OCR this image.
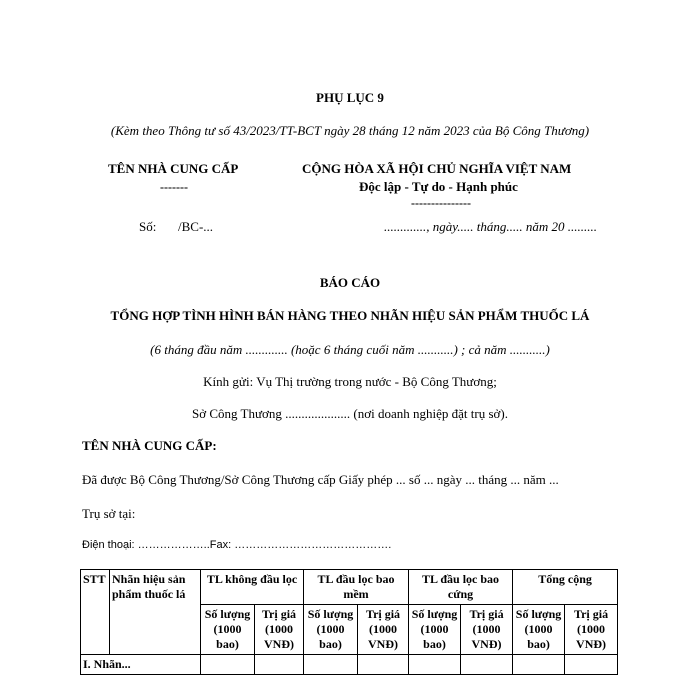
PHỤ LỤC 9
(Kèm theo Thông tư số 43/2023/TT-BCT ngày 28 tháng 12 năm 2023 của Bộ Công Thương)
TÊN NHÀ CUNG CẤP
-------
CỘNG HÒA XÃ HỘI CHỦ NGHĨA VIỆT NAM
Độc lập - Tự do - Hạnh phúc
---------------
Số: /BC-...	............., ngày..... tháng..... năm 20 .........
BÁO CÁO
TỔNG HỢP TÌNH HÌNH BÁN HÀNG THEO NHÃN HIỆU SẢN PHẨM THUỐC LÁ
(6 tháng đầu năm ............. (hoặc 6 tháng cuối năm ...........) ; cả năm ...........)
Kính gửi: Vụ Thị trường trong nước - Bộ Công Thương;
Sở Công Thương .................... (nơi doanh nghiệp đặt trụ sở).
TÊN NHÀ CUNG CẤP:
Đã được Bộ Công Thương/Sở Công Thương cấp Giấy phép ... số ... ngày ... tháng ... năm ...
Trụ sở tại:
Điện thoại: ………………..Fax: …………………………………….
STT	Nhãn hiệu sản phẩm thuốc lá	TL không đầu lọc		TL đầu lọc bao mềm		TL đầu lọc bao cứng		Tổng cộng	
		Số lượng (1000 bao)	Trị giá (1000 VNĐ)	Số lượng (1000 bao)	Trị giá (1000 VNĐ)	Số lượng (1000 bao)	Trị giá (1000 VNĐ)	Số lượng (1000 bao)	Trị giá (1000 VNĐ)
I. Nhãn...									
